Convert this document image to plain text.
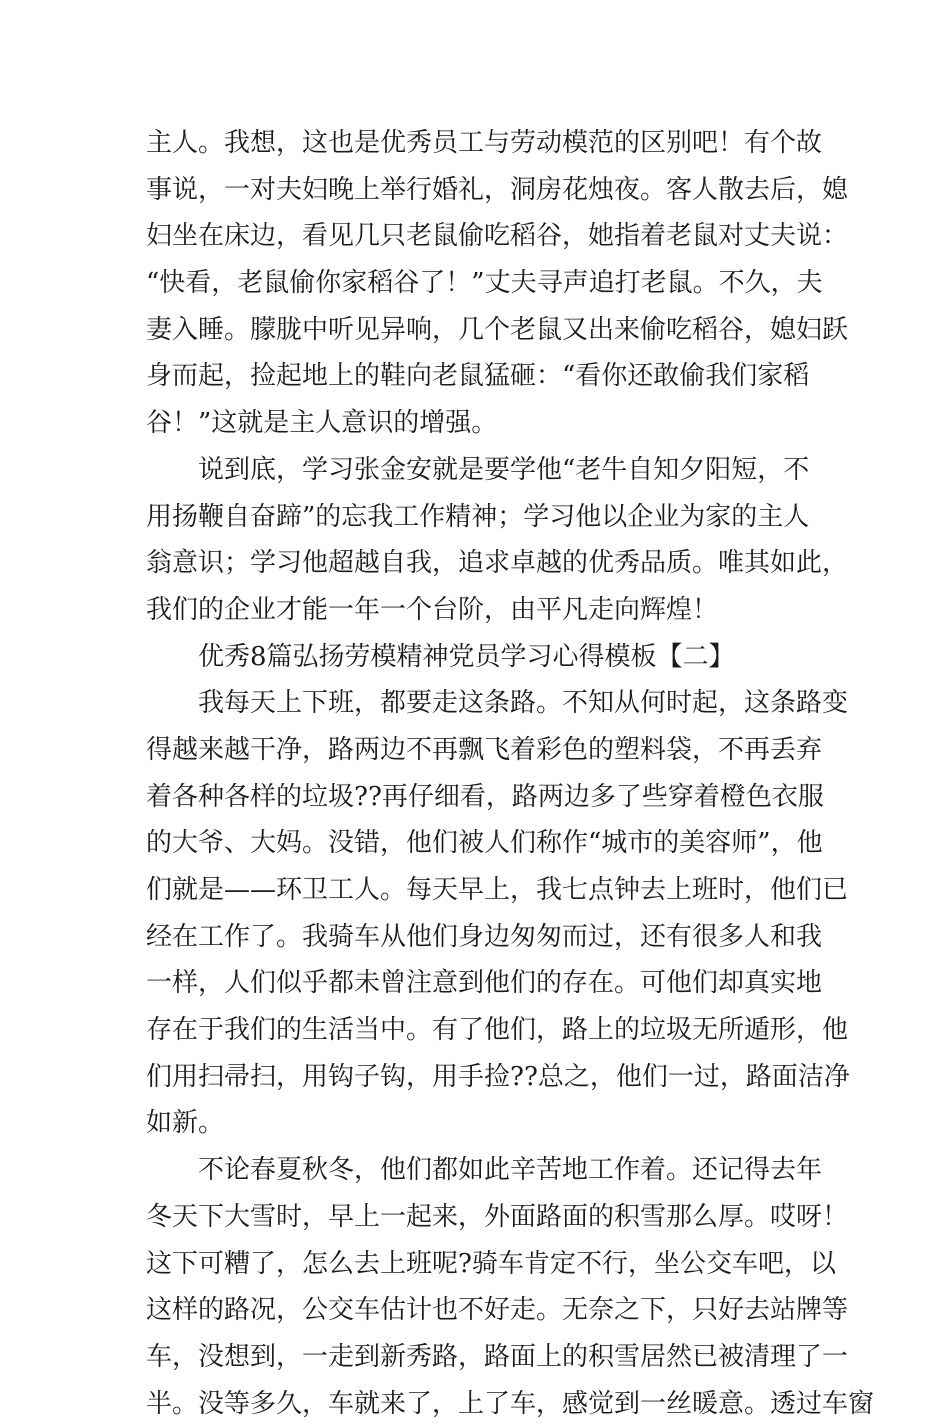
主人。我想，这也是优秀员工与劳动模范的区别吧！有个故
事说，一对夫妇晚上举行婚礼，洞房花烛夜。客人散去后，媳
妇坐在床边，看见几只老鼠偷吃稻谷，她指着老鼠对丈夫说：
“快看，老鼠偷你家稻谷了！”丈夫寻声追打老鼠。不久，夫
妻入睡。朦胧中听见异响，几个老鼠又出来偷吃稻谷，媳妇跃
身而起，捡起地上的鞋向老鼠猛砸：“看你还敢偷我们家稻
谷！”这就是主人意识的增强。
说到底，学习张金安就是要学他“老牛自知夕阳短，不
用扬鞭自奋蹄”的忘我工作精神；学习他以企业为家的主人
翁意识；学习他超越自我，追求卓越的优秀品质。唯其如此，
我们的企业才能一年一个台阶，由平凡走向辉煌！
优秀8篇弘扬劳模精神党员学习心得模板【二】
我每天上下班，都要走这条路。不知从何时起，这条路变
得越来越干净，路两边不再飘飞着彩色的塑料袋，不再丢弃
着各种各样的垃圾??再仔细看，路两边多了些穿着橙色衣服
的大爷、大妈。没错，他们被人们称作“城市的美容师”，他
们就是——环卫工人。每天早上，我七点钟去上班时，他们已
经在工作了。我骑车从他们身边匆匆而过，还有很多人和我
一样，人们似乎都未曾注意到他们的存在。可他们却真实地
存在于我们的生活当中。有了他们，路上的垃圾无所遁形，他
们用扫帚扫，用钩子钩，用手捡??总之，他们一过，路面洁净
如新。
不论春夏秋冬，他们都如此辛苦地工作着。还记得去年
冬天下大雪时，早上一起来，外面路面的积雪那么厚。哎呀！
这下可糟了，怎么去上班呢?骑车肯定不行，坐公交车吧，以
这样的路况，公交车估计也不好走。无奈之下，只好去站牌等
车，没想到，一走到新秀路，路面上的积雪居然已被清理了一
半。没等多久，车就来了，上了车，感觉到一丝暖意。透过车窗
